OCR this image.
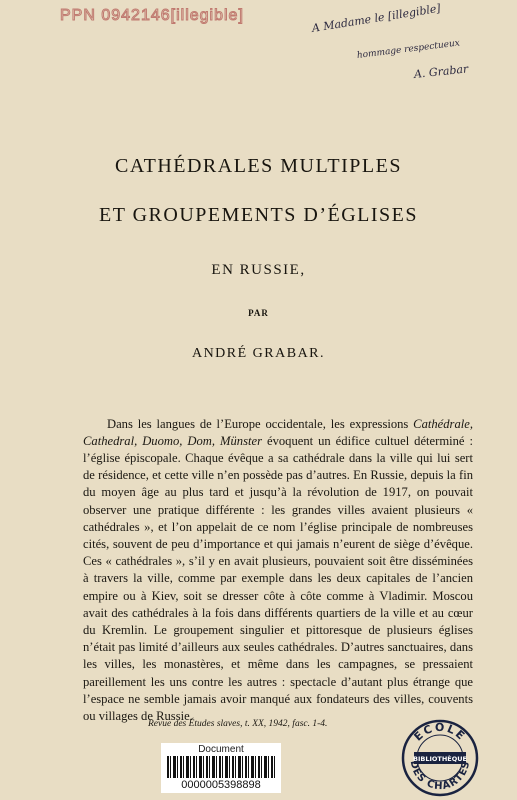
PPN 0942146[illegible]	A Madame le [illegible]
hommage respectueux
A. Grabar
CATHÉDRALES MULTIPLES
ET GROUPEMENTS D’ÉGLISES
EN RUSSIE,
PAR
ANDRÉ GRABAR.

Dans les langues de l’Europe occidentale, les expressions Cathédrale, Cathedral, Duomo, Dom, Münster évoquent un édifice cultuel déterminé : l’église épiscopale. Chaque évêque a sa cathédrale dans la ville qui lui sert de résidence, et cette ville n’en possède pas d’autres. En Russie, depuis la fin du moyen âge au plus tard et jusqu’à la révolution de 1917, on pouvait observer une pratique différente : les grandes villes avaient plusieurs « cathédrales », et l’on appelait de ce nom l’église principale de nombreuses cités, souvent de peu d’importance et qui jamais n’eurent de siège d’évêque. Ces « cathédrales », s’il y en avait plusieurs, pouvaient soit être disséminées à travers la ville, comme par exemple dans les deux capitales de l’ancien empire ou à Kiev, soit se dresser côte à côte comme à Vladimir. Moscou avait des cathédrales à la fois dans différents quartiers de la ville et au cœur du Kremlin. Le groupement singulier et pittoresque de plusieurs églises n’était pas limité d’ailleurs aux seules cathédrales. D’autres sanctuaires, dans les villes, les monastères, et même dans les campagnes, se pressaient pareillement les uns contre les autres : spectacle d’autant plus étrange que l’espace ne semble jamais avoir manqué aux fondateurs des villes, couvents ou villages de Russie.

Revue des Études slaves, t. XX, 1942, fasc. 1-4.
Document
0000005398898
ÉCOLE
BIBLIOTHÈQUE
DES CHARTES
